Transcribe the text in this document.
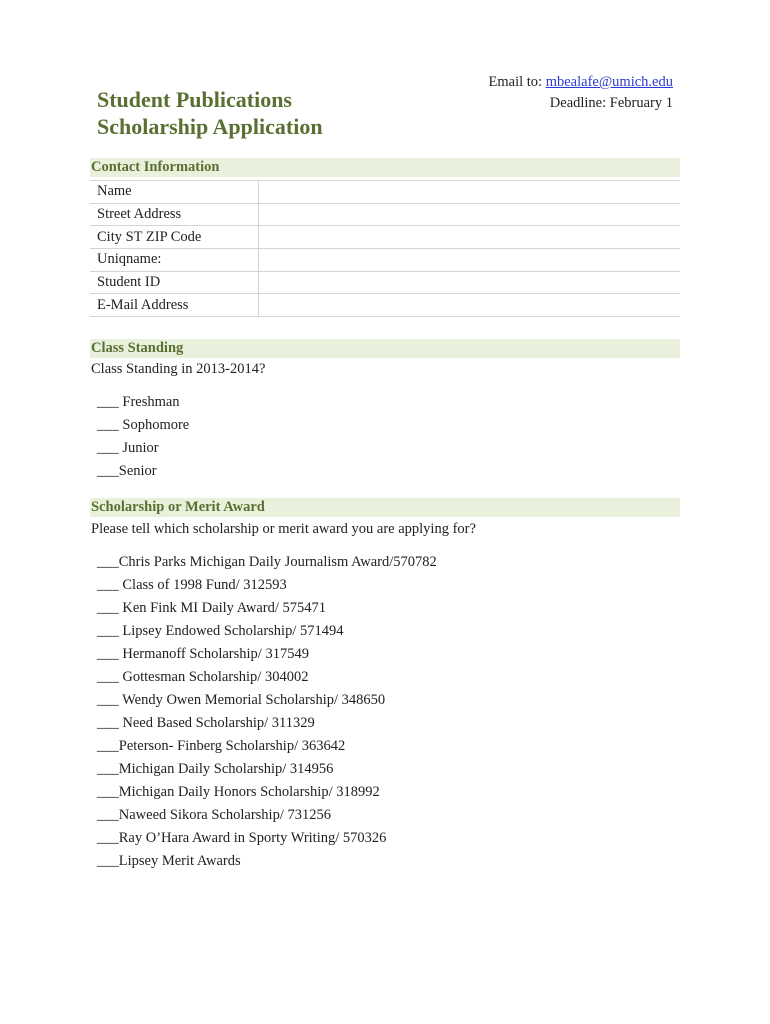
Student Publications
Scholarship Application
Email to: mbealafe@umich.edu
Deadline: February 1
Contact Information
Name	
Street Address	
City ST ZIP Code	
Uniqname:	
Student ID	
E-Mail Address	
Class Standing
Class Standing in 2013-2014?
___ Freshman
___ Sophomore
___ Junior
___Senior
Scholarship or Merit Award
Please tell which scholarship or merit award you are applying for?
___Chris Parks Michigan Daily Journalism Award/570782
___ Class of 1998 Fund/ 312593
___ Ken Fink MI Daily Award/ 575471
___ Lipsey Endowed Scholarship/ 571494
___ Hermanoff Scholarship/ 317549
___ Gottesman Scholarship/ 304002
___ Wendy Owen Memorial Scholarship/ 348650
___ Need Based Scholarship/ 311329
___Peterson- Finberg Scholarship/ 363642
___Michigan Daily Scholarship/ 314956
___Michigan Daily Honors Scholarship/ 318992
___Naweed Sikora Scholarship/ 731256
___Ray O’Hara Award in Sporty Writing/ 570326
___Lipsey Merit Awards
